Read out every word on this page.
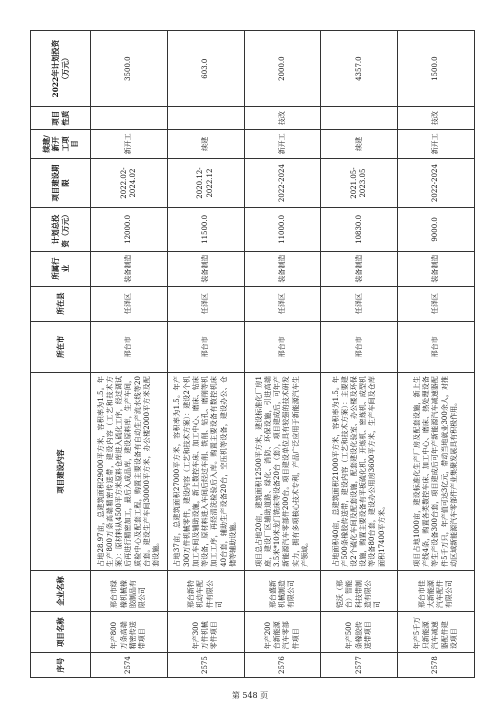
序号	项目名称	企业名称	项目建设内容	所在市	所在县	所属行业	计划总投资（万元）	项目建设期限	续建/新开工项目	项目性质	2022年计划投资（万元）
2574	年产800万条高端精密传送带项目	邢台市绿橡机械橡胶制品有限公司	占地28.97亩，总建筑面积29000平方米，容积率为1.5。年生产800万条高端精密传送带，建设内容（工艺和技术方案）：原材料从4500平方米原料仓库进入硫化工序，经过调试后再进行精密加工，最后入成品库，建设原料库，生产车间，质检中心及配套工程，购置主要设备有自动生产流水线等20台套。建设生产车间30000平方米，办公楼2000平方米及配套设施。	邢台市	任泽区	装备制造	12000.0	2022.02-2024.02	新开工		3500.0
2575	年产300万件机械零件项目	邢台新特机动车配件有限公司	占地37亩，总建筑面积27000平方米，容积率为1.5。年产300万件机械零件，建设内容（工艺和技术方案）：建设2个机加工车间及辅助设施，新上数控车床、加工中心、磨床、钻床等设备，原材料进入车间后经过车削、铣削、钻孔、磨削等机加工工序，再经清洗检验后入库。购置主要设备有数控机床40台套，辅助生产设备20台，空压机等设备，建设办公、仓储等辅助设施。	邢台市	任泽区	装备制造	11500.0	2020.12-2022.12	续建		603.0
2576	年产200台新能源汽车零部件项目	邢台盛新机械制造有限公司	项目总占地20亩，建筑面积12500平方米，建设标准化厂房1座，建设厂区辅助道路、绿化、消防、环保设施，引进高端3.5米*10米龙门铣床等设备20台（套），项目建成后，可年产新能源汽车零部件200台。项目建设单位具有较强的技术研发实力，拥有多项核心技术专利，产品广泛应用于新能源汽车生产领域。	邢台市	任泽区	装备制造	11000.0	2022-2024	新开工	技改	2000.0
2577	年产500条橡胶传送带项目	铠沃（邢台）智能科技带制造有限公司	占地面积40亩，总建筑面积21000平方米，容积率为1.5。年产500条橡胶传送带，建设内容（工艺和技术方案）：主要建设2个硫化车间及配套设施，配套建设化验室、办公楼及环保设施，购置主要设备有平板硫化机、开炼机、密炼机、成型机等设备80台套，建设办公用房3600平方米，生产车间及仓库面积17400平方米。	邢台市	任泽区	装备制造	10830.0	2021.05-2023.05	续建		4357.0
2578	年产5千万只新能源汽车减速器配件建设项目	邢台市佳大新能源汽车配件有限公司	项目占地1000亩，建设标准化生产厂房及配套设施，新上生产线4条，购置各类数控车床、加工中心、磨床、热处理设备等生产设备300台套，项目建成后可年产新能源汽车减速器配件5千万只，年产值可达3亿元，带动当地就业300余人，对推动区域新能源汽车零部件产业集聚发展具有积极作用。	邢台市	任泽区	装备制造	9000.0	2022-2024	新开工	技改	1500.0
第 548 页
